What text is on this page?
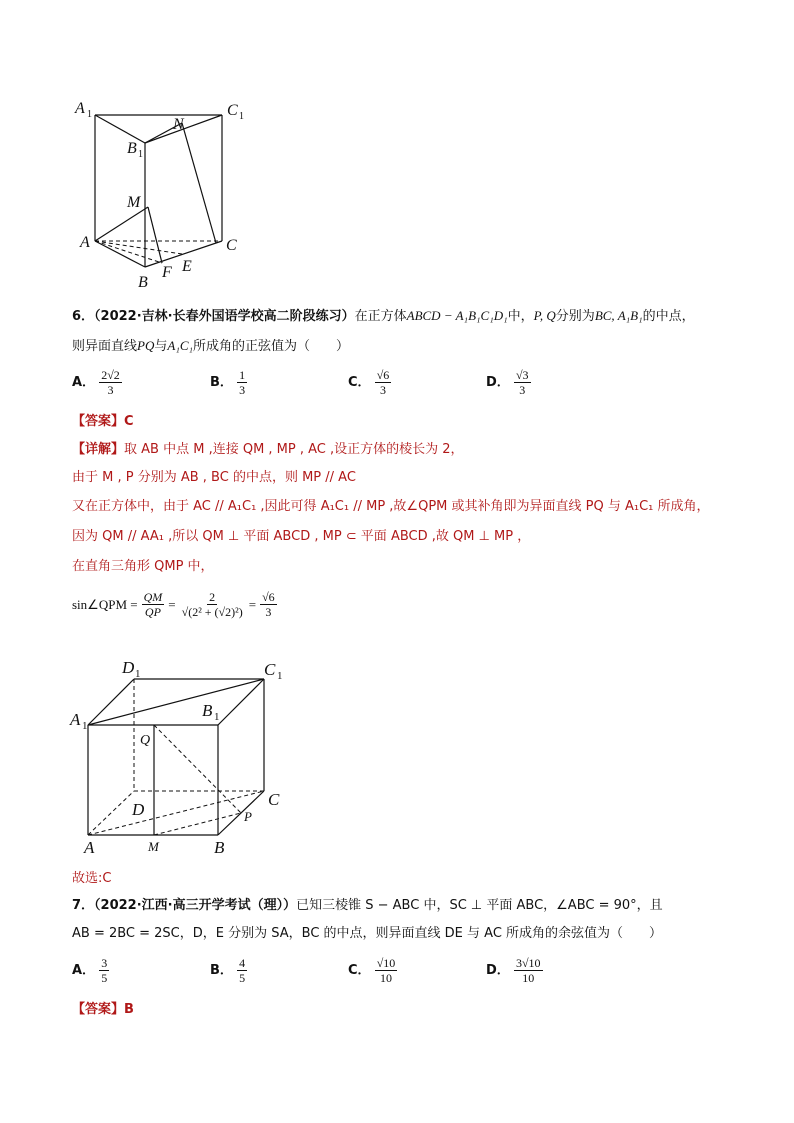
A 1	C 1
N
B 1
M
A	C
B
F E
6．（2022·吉林·长春外国语学校高二阶段练习）在正方体ABCD − A₁B₁C₁D₁中，P, Q分别为BC, A₁B₁的中点，
则异面直线PQ与A₁C₁所成角的正弦值为（　　）
A． $\frac{2√2}{3}$	B． $\frac{1}{3}$	C． $\frac{√6}{3}$	D． $\frac{√3}{3}$
【答案】C
【详解】取 AB 中点 M ,连接 QM , MP , AC ,设正方体的棱长为 2，
由于 M , P 分别为 AB , BC 的中点，则 MP // AC
又在正方体中，由于 AC // A₁C₁ ,因此可得 A₁C₁ // MP ,故∠QPM 或其补角即为异面直线 PQ 与 A₁C₁ 所成角，
因为 QM // AA₁ ,所以 QM ⊥ 平面 ABCD , MP ⊂ 平面 ABCD ,故 QM ⊥ MP ，
在直角三角形 QMP 中，
sin∠QPM = $\frac{QM}{QP} = \frac{2}{\text{√(2² + (√2)²)}} = \frac{√6}{3}$
D 1	C 1
A 1
B 1
Q
D
C
P
A	M	B
故选:C
7．（2022·江西·高三开学考试（理））已知三棱锥 S − ABC 中，SC ⊥ 平面 ABC，∠ABC = 90°，且
AB = 2BC = 2SC，D，E 分别为 SA，BC 的中点，则异面直线 DE 与 AC 所成角的余弦值为（　　）
A． $\frac{3}{5}$	B． $\frac{4}{5}$	C． $\frac{√10}{10}$	D． $\frac{3√10}{10}$
【答案】B
